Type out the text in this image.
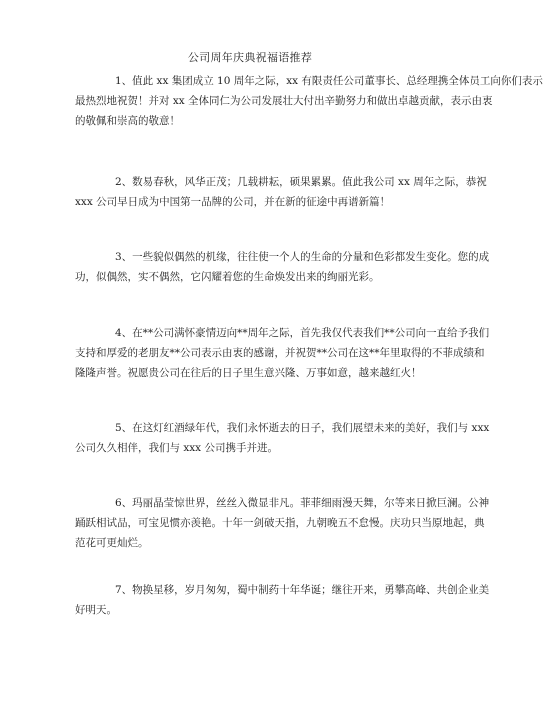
公司周年庆典祝福语推荐
1、值此 xx 集团成立 10 周年之际，xx 有限责任公司董事长、总经理携全体员工向你们表示
最热烈地祝贺！并对 xx 全体同仁为公司发展壮大付出辛勤努力和做出卓越贡献，表示由衷
的敬佩和崇高的敬意！
2、数易春秋，风华正茂；几载耕耘，硕果累累。值此我公司 xx 周年之际，恭祝
xxx 公司早日成为中国第一品牌的公司，并在新的征途中再谱新篇！
3、一些貌似偶然的机缘，往往使一个人的生命的分量和色彩都发生变化。您的成
功，似偶然，实不偶然，它闪耀着您的生命焕发出来的绚丽光彩。
4、在**公司满怀豪情迈向**周年之际，首先我仅代表我们**公司向一直给予我们
支持和厚爱的老朋友**公司表示由衷的感谢，并祝贺**公司在这**年里取得的不菲成绩和
隆隆声誉。祝愿贵公司在往后的日子里生意兴隆、万事如意，越来越红火！
5、在这灯红酒绿年代，我们永怀逝去的日子，我们展望未来的美好，我们与 xxx
公司久久相伴，我们与 xxx 公司携手并进。
6、玛丽晶莹惊世界，丝丝入微显非凡。菲菲细雨漫天舞，尔等来日掀巨澜。公神
踊跃相试品，可宝见惯亦羡艳。十年一剑破天指，九朝晚五不怠慢。庆功只当原地起，典
范花可更灿烂。
7、物换星移，岁月匆匆，蜀中制药十年华诞；继往开来，勇攀高峰、共创企业美
好明天。
